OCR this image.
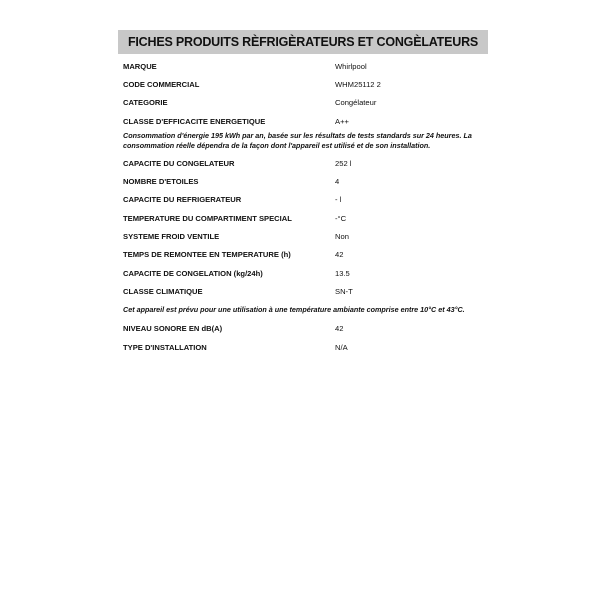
FICHES PRODUITS RÈFRIGÈRATEURS ET CONGÈLATEURS
MARQUE	Whirlpool
CODE COMMERCIAL	WHM25112 2
CATEGORIE	Congélateur
CLASSE D'EFFICACITE ENERGETIQUE	A++
Consommation d'énergie 195 kWh par an, basée sur les résultats de tests standards sur 24 heures. La
consommation réelle dépendra de la façon dont l'appareil est utilisé et de son installation.
CAPACITE DU CONGELATEUR	252 l
NOMBRE D'ETOILES	4
CAPACITE DU REFRIGERATEUR	- l
TEMPERATURE DU COMPARTIMENT SPECIAL	-°C
SYSTEME FROID VENTILE	Non
TEMPS DE REMONTEE EN TEMPERATURE (h)	42
CAPACITE DE CONGELATION (kg/24h)	13.5
CLASSE CLIMATIQUE	SN-T
Cet appareil est prévu pour une utilisation à une température ambiante comprise entre 10°C et 43°C.
NIVEAU SONORE EN dB(A)	42
TYPE D'INSTALLATION	N/A
